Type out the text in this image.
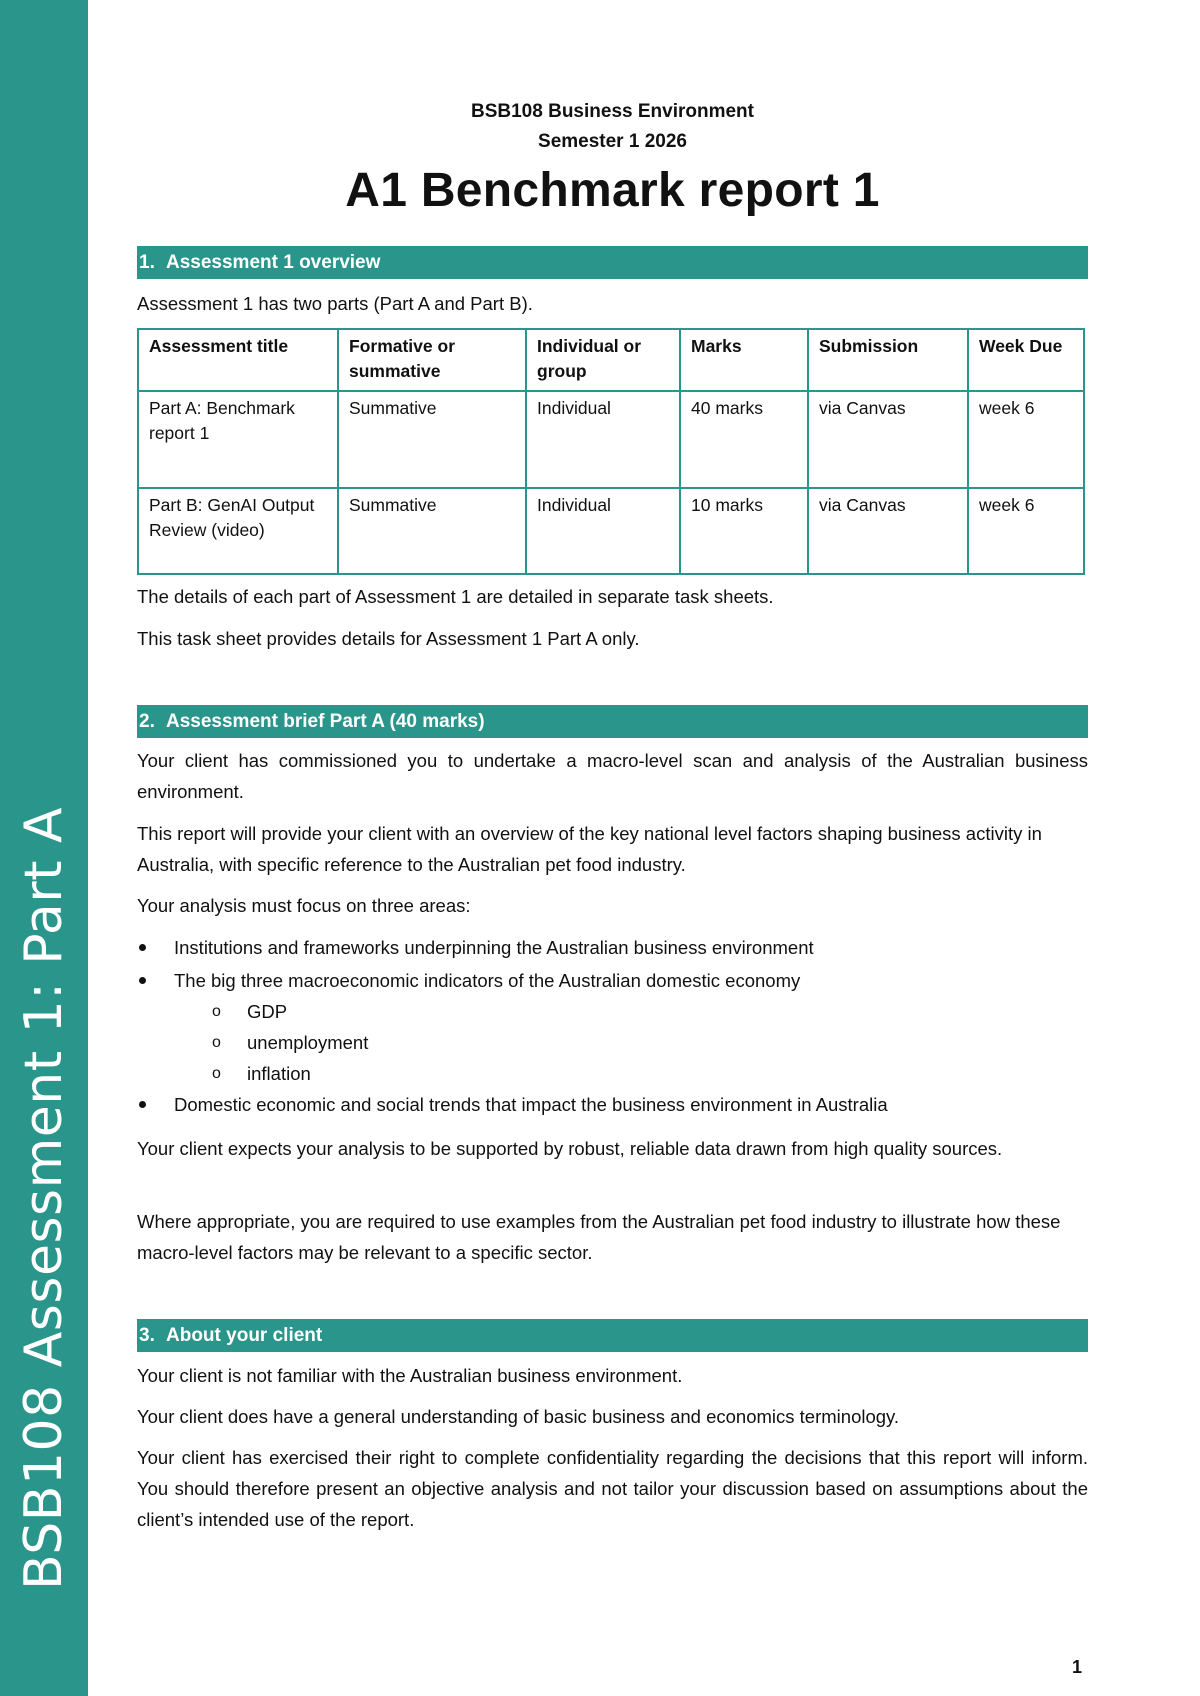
BSB108 Assessment 1: Part A
BSB108 Business Environment
Semester 1 2026
A1 Benchmark report 1
1. Assessment 1 overview

Assessment 1 has two parts (Part A and Part B).

Assessment title	Formative or summative	Individual or group	Marks	Submission	Week Due
Part A: Benchmark report 1	Summative	Individual	40 marks	via Canvas	week 6
Part B: GenAI Output Review (video)	Summative	Individual	10 marks	via Canvas	week 6

The details of each part of Assessment 1 are detailed in separate task sheets.

This task sheet provides details for Assessment 1 Part A only.

2. Assessment brief Part A (40 marks)

Your client has commissioned you to undertake a macro-level scan and analysis of the Australian business environment.

This report will provide your client with an overview of the key national level factors shaping business activity in Australia, with specific reference to the Australian pet food industry.

Your analysis must focus on three areas:

Institutions and frameworks underpinning the Australian business environment
The big three macroeconomic indicators of the Australian domestic economy
o GDP
o unemployment
o inflation
Domestic economic and social trends that impact the business environment in Australia

Your client expects your analysis to be supported by robust, reliable data drawn from high quality sources.

Where appropriate, you are required to use examples from the Australian pet food industry to illustrate how these macro-level factors may be relevant to a specific sector.

3. About your client

Your client is not familiar with the Australian business environment.

Your client does have a general understanding of basic business and economics terminology.

Your client has exercised their right to complete confidentiality regarding the decisions that this report will inform. You should therefore present an objective analysis and not tailor your discussion based on assumptions about the client’s intended use of the report.

1
